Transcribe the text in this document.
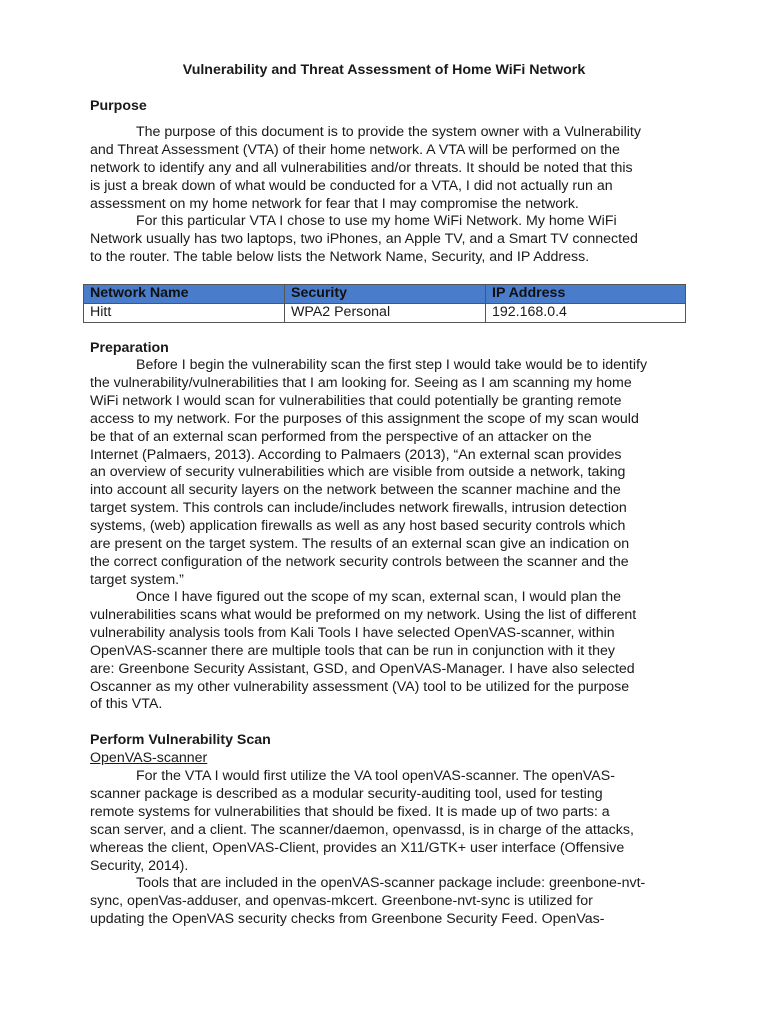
Vulnerability and Threat Assessment of Home WiFi Network
Purpose
The purpose of this document is to provide the system owner with a Vulnerability
and Threat Assessment (VTA) of their home network. A VTA will be performed on the
network to identify any and all vulnerabilities and/or threats. It should be noted that this
is just a break down of what would be conducted for a VTA, I did not actually run an
assessment on my home network for fear that I may compromise the network.
For this particular VTA I chose to use my home WiFi Network. My home WiFi
Network usually has two laptops, two iPhones, an Apple TV, and a Smart TV connected
to the router. The table below lists the Network Name, Security, and IP Address.
Network Name	Security	IP Address
Hitt	WPA2 Personal	192.168.0.4
Preparation
Before I begin the vulnerability scan the first step I would take would be to identify
the vulnerability/vulnerabilities that I am looking for. Seeing as I am scanning my home
WiFi network I would scan for vulnerabilities that could potentially be granting remote
access to my network. For the purposes of this assignment the scope of my scan would
be that of an external scan performed from the perspective of an attacker on the
Internet (Palmaers, 2013). According to Palmaers (2013), “An external scan provides
an overview of security vulnerabilities which are visible from outside a network, taking
into account all security layers on the network between the scanner machine and the
target system. This controls can include/includes network firewalls, intrusion detection
systems, (web) application firewalls as well as any host based security controls which
are present on the target system. The results of an external scan give an indication on
the correct configuration of the network security controls between the scanner and the
target system.”
Once I have figured out the scope of my scan, external scan, I would plan the
vulnerabilities scans what would be preformed on my network. Using the list of different
vulnerability analysis tools from Kali Tools I have selected OpenVAS-scanner, within
OpenVAS-scanner there are multiple tools that can be run in conjunction with it they
are: Greenbone Security Assistant, GSD, and OpenVAS-Manager. I have also selected
Oscanner as my other vulnerability assessment (VA) tool to be utilized for the purpose
of this VTA.
Perform Vulnerability Scan
OpenVAS-scanner
For the VTA I would first utilize the VA tool openVAS-scanner. The openVAS-
scanner package is described as a modular security-auditing tool, used for testing
remote systems for vulnerabilities that should be fixed. It is made up of two parts: a
scan server, and a client. The scanner/daemon, openvassd, is in charge of the attacks,
whereas the client, OpenVAS-Client, provides an X11/GTK+ user interface (Offensive
Security, 2014).
Tools that are included in the openVAS-scanner package include: greenbone-nvt-
sync, openVas-adduser, and openvas-mkcert. Greenbone-nvt-sync is utilized for
updating the OpenVAS security checks from Greenbone Security Feed. OpenVas-
